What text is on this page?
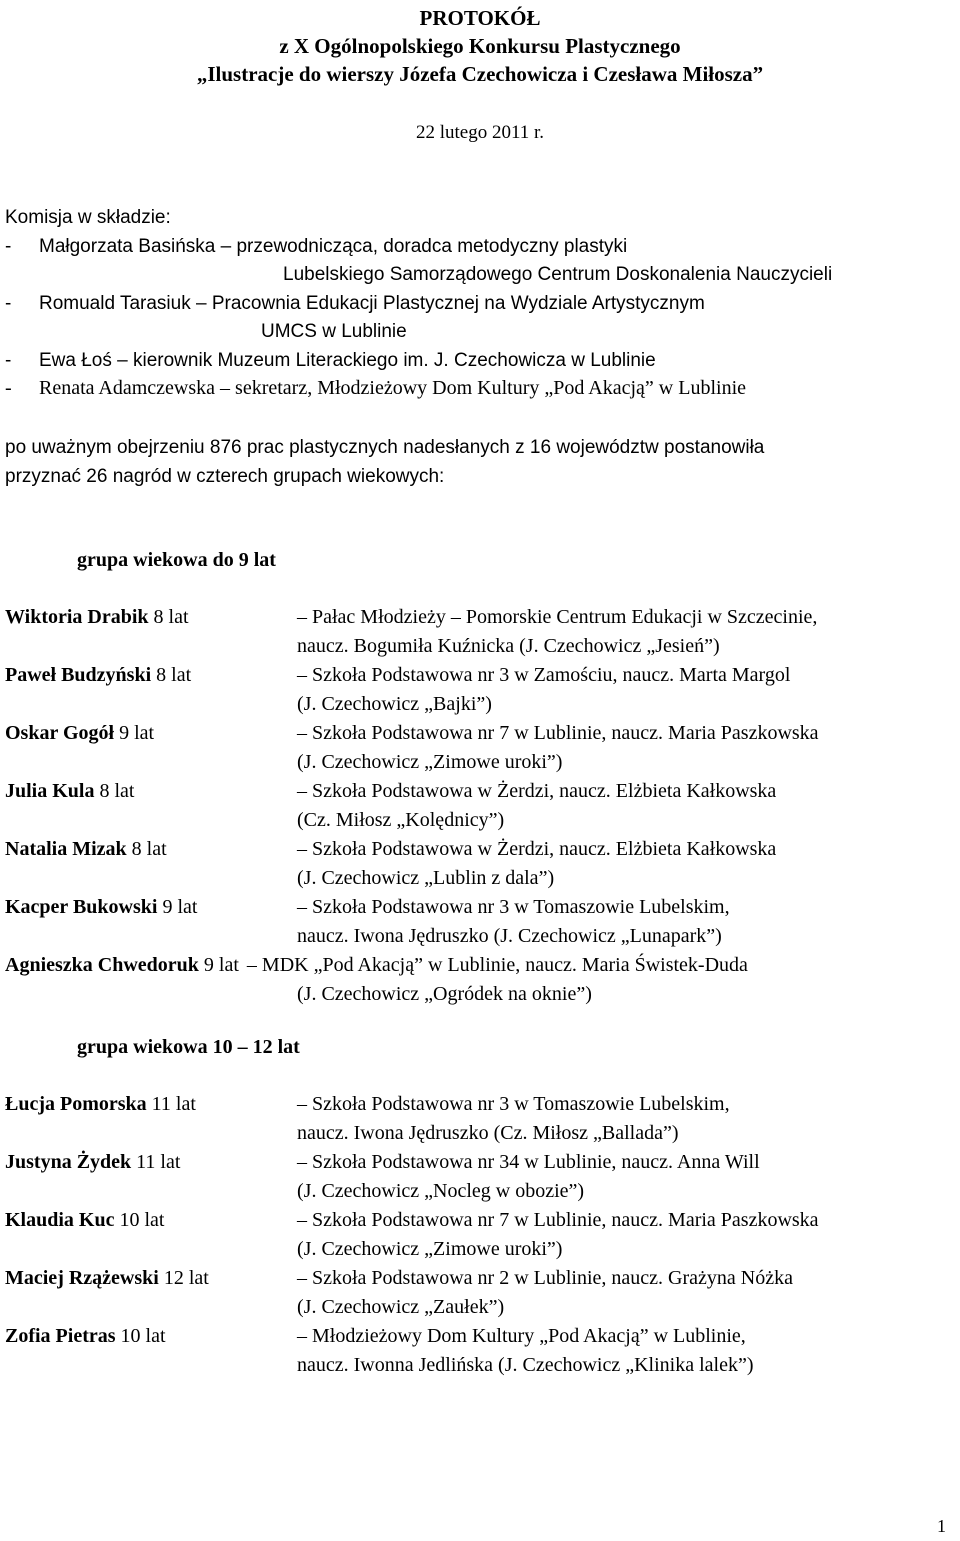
PROTOKÓŁ
z X Ogólnopolskiego Konkursu Plastycznego
„Ilustracje do wierszy Józefa Czechowicza i Czesława Miłosza”
22 lutego 2011 r.
Komisja w składzie:
-	Małgorzata Basińska – przewodnicząca, doradca metodyczny plastyki
Lubelskiego Samorządowego Centrum Doskonalenia Nauczycieli
-	Romuald Tarasiuk – Pracownia Edukacji Plastycznej na Wydziale Artystycznym
UMCS w Lublinie
-	Ewa Łoś – kierownik Muzeum Literackiego im. J. Czechowicza w Lublinie
-	Renata Adamczewska – sekretarz, Młodzieżowy Dom Kultury „Pod Akacją” w Lublinie
po uważnym obejrzeniu 876 prac plastycznych nadesłanych z 16 województw postanowiła
przyznać 26 nagród w czterech grupach wiekowych:
grupa wiekowa do 9 lat
Wiktoria Drabik 8 lat	– Pałac Młodzieży – Pomorskie Centrum Edukacji w Szczecinie,
naucz. Bogumiła Kuźnicka (J. Czechowicz „Jesień”)
Paweł Budzyński 8 lat	– Szkoła Podstawowa nr 3 w Zamościu, naucz. Marta Margol
(J. Czechowicz „Bajki”)
Oskar Gogół 9 lat	– Szkoła Podstawowa nr 7 w Lublinie, naucz. Maria Paszkowska
(J. Czechowicz „Zimowe uroki”)
Julia Kula 8 lat	– Szkoła Podstawowa w Żerdzi, naucz. Elżbieta Kałkowska
(Cz. Miłosz „Kolędnicy”)
Natalia Mizak 8 lat	– Szkoła Podstawowa w Żerdzi, naucz. Elżbieta Kałkowska
(J. Czechowicz „Lublin z dala”)
Kacper Bukowski 9 lat	– Szkoła Podstawowa nr 3 w Tomaszowie Lubelskim,
naucz. Iwona Jędruszko (J. Czechowicz „Lunapark”)
Agnieszka Chwedoruk 9 lat – MDK „Pod Akacją” w Lublinie, naucz. Maria Świstek-Duda
(J. Czechowicz „Ogródek na oknie”)
grupa wiekowa 10 – 12 lat
Łucja Pomorska 11 lat	– Szkoła Podstawowa nr 3 w Tomaszowie Lubelskim,
naucz. Iwona Jędruszko (Cz. Miłosz „Ballada”)
Justyna Żydek 11 lat	– Szkoła Podstawowa nr 34 w Lublinie, naucz. Anna Will
(J. Czechowicz „Nocleg w obozie”)
Klaudia Kuc 10 lat	– Szkoła Podstawowa nr 7 w Lublinie, naucz. Maria Paszkowska
(J. Czechowicz „Zimowe uroki”)
Maciej Rzążewski 12 lat	– Szkoła Podstawowa nr 2 w Lublinie, naucz. Grażyna Nóżka
(J. Czechowicz „Zaułek”)
Zofia Pietras 10 lat	– Młodzieżowy Dom Kultury „Pod Akacją” w Lublinie,
naucz. Iwonna Jedlińska (J. Czechowicz „Klinika lalek”)
1
